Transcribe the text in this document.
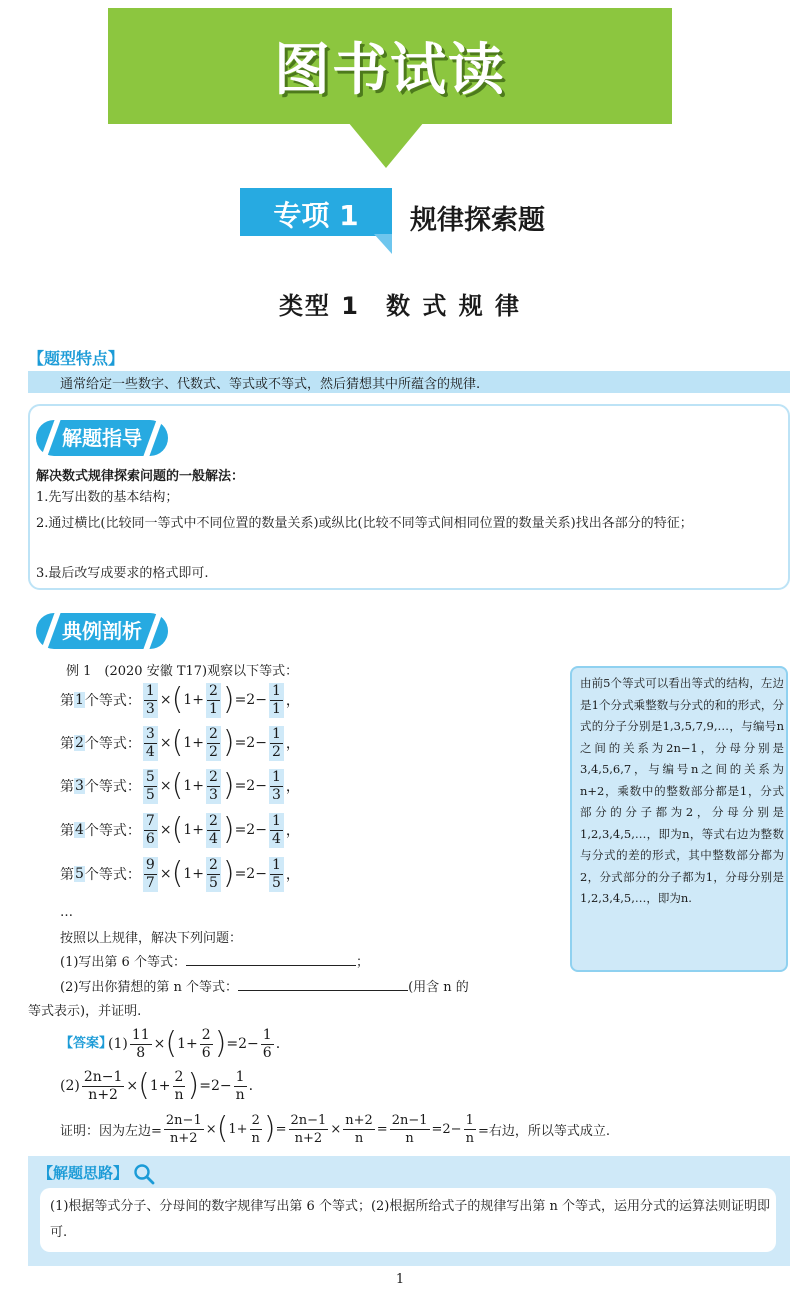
图书试读
专项 1	规律探索题
类型 1　数 式 规 律
【题型特点】
通常给定一些数字、代数式、等式或不等式，然后猜想其中所蕴含的规律.
解题指导
解决数式规律探索问题的一般解法：
1.先写出数的基本结构；
2.通过横比(比较同一等式中不同位置的数量关系)或纵比(比较不同等式间相同位置的数量关系)找出各部分的特征；
3.最后改写成要求的格式即可.
典例剖析
例 1　(2020 安徽 T17)观察以下等式：
第 1 个等式： $\frac{1}{3}$ × ( $1+ \frac{2}{1}$ ) $=2- \frac{1}{1}$ ，
第 2 个等式： $\frac{3}{4}$ × ( $1+ \frac{2}{2}$ ) $=2- \frac{1}{2}$ ，
第 3 个等式： $\frac{5}{5}$ × ( $1+ \frac{2}{3}$ ) $=2- \frac{1}{3}$ ，
第 4 个等式： $\frac{7}{6}$ × ( $1+ \frac{2}{4}$ ) $=2- \frac{1}{4}$ ，
第 5 个等式： $\frac{9}{7}$ × ( $1+ \frac{2}{5}$ ) $=2- \frac{1}{5}$ ，
…
按照以上规律，解决下列问题：
(1)写出第 6 个等式：	；
(2)写出你猜想的第 n 个等式：	(用含 n 的
等式表示)，并证明.
由前5个等式可以看出等式的结构，左边是1个分式乘整数与分式的和的形式，分式的分子分别是1,3,5,7,9,…，与编号n之间的关系为2n−1，分母分别是3,4,5,6,7，与编号n之间的关系为n+2，乘数中的整数部分都是1，分式部分的分子都为2，分母分别是1,2,3,4,5,…，即为n，等式右边为整数与分式的差的形式，其中整数部分都为2，分式部分的分子都为1，分母分别是1,2,3,4,5,…，即为n.
【答案】
$(1) \frac{11}{8}$ × ( $1+ \frac{2}{6}$ ) $=2- \frac{1}{6}$ .
$(2) \frac{2n-1}{n+2}$ × ( $1+ \frac{2}{n}$ ) $=2- \frac{1}{n}$ .
证明：因为左边= $\frac{2n-1}{n+2}$ × ( $1+ \frac{2}{n}$ ) = $\frac{2n-1}{n+2} \times \frac{n+2}{n} = \frac{2n-1}{n} =2- \frac{1}{n}$ =右边，所以等式成立.
【解题思路】
(1)根据等式分子、分母间的数字规律写出第 6 个等式；(2)根据所给式子的规律写出第 n 个等式，运用分式的运算法则证明即可.
1
